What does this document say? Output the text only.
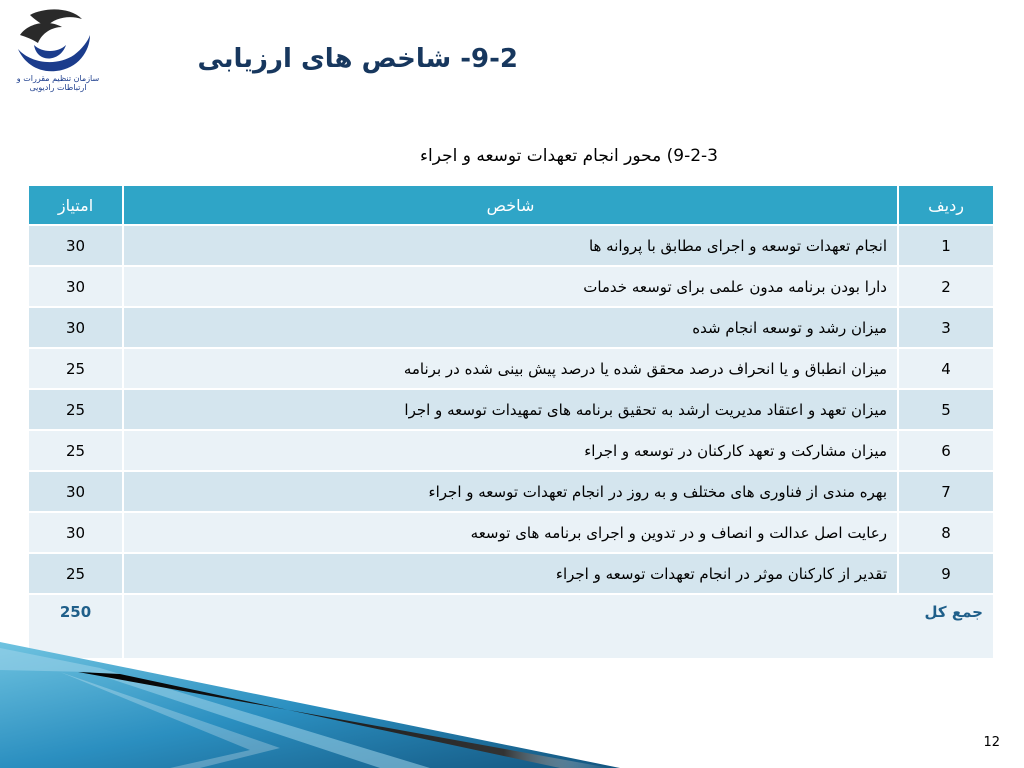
سازمان تنظیم مقررات و ارتباطات رادیویی
9-2- شاخص های ارزیابی
9-2-3) محور انجام تعهدات توسعه و اجراء
ردیف	شاخص	امتیاز
1	انجام تعهدات توسعه و اجرای مطابق با پروانه ها	30
2	دارا بودن برنامه مدون علمی برای توسعه خدمات	30
3	میزان رشد و توسعه انجام شده	30
4	میزان انطباق و یا انحراف درصد محقق شده یا درصد پیش بینی شده در برنامه	25
5	میزان تعهد و اعتقاد مدیریت ارشد به تحقیق برنامه های تمهیدات توسعه و اجرا	25
6	میزان مشارکت و تعهد کارکنان در توسعه و اجراء	25
7	بهره مندی از فناوری های مختلف و به روز در انجام تعهدات توسعه و اجراء	30
8	رعایت اصل عدالت و انصاف و در تدوین و اجرای برنامه های توسعه	30
9	تقدیر از کارکنان موثر در انجام تعهدات توسعه و اجراء	25
جمع کل		250
12
